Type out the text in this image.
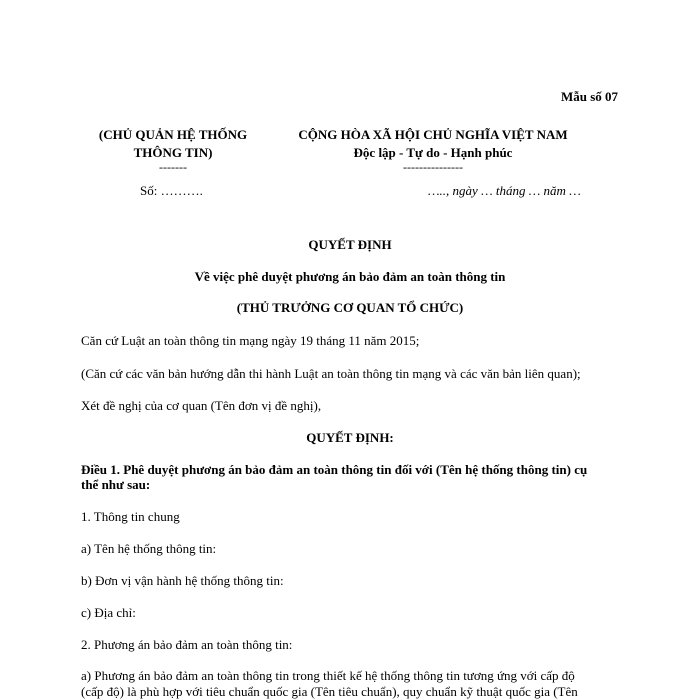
Mẫu số 07
(CHỦ QUẢN HỆ THỐNG
THÔNG TIN)
-------
Số: ……….
CỘNG HÒA XÃ HỘI CHỦ NGHĨA VIỆT NAM
Độc lập - Tự do - Hạnh phúc
---------------
….., ngày … tháng … năm …
QUYẾT ĐỊNH
Về việc phê duyệt phương án bảo đảm an toàn thông tin
(THỦ TRƯỞNG CƠ QUAN TỔ CHỨC)
Căn cứ Luật an toàn thông tin mạng ngày 19 tháng 11 năm 2015;
(Căn cứ các văn bản hướng dẫn thi hành Luật an toàn thông tin mạng và các văn bản liên quan);
Xét đề nghị của cơ quan (Tên đơn vị đề nghị),
QUYẾT ĐỊNH:
Điều 1. Phê duyệt phương án bảo đảm an toàn thông tin đối với (Tên hệ thống thông tin) cụ
thể như sau:
1. Thông tin chung
a) Tên hệ thống thông tin:
b) Đơn vị vận hành hệ thống thông tin:
c) Địa chỉ:
2. Phương án bảo đảm an toàn thông tin:
a) Phương án bảo đảm an toàn thông tin trong thiết kế hệ thống thông tin tương ứng với cấp độ
(cấp độ) là phù hợp với tiêu chuẩn quốc gia (Tên tiêu chuẩn), quy chuẩn kỹ thuật quốc gia (Tên
